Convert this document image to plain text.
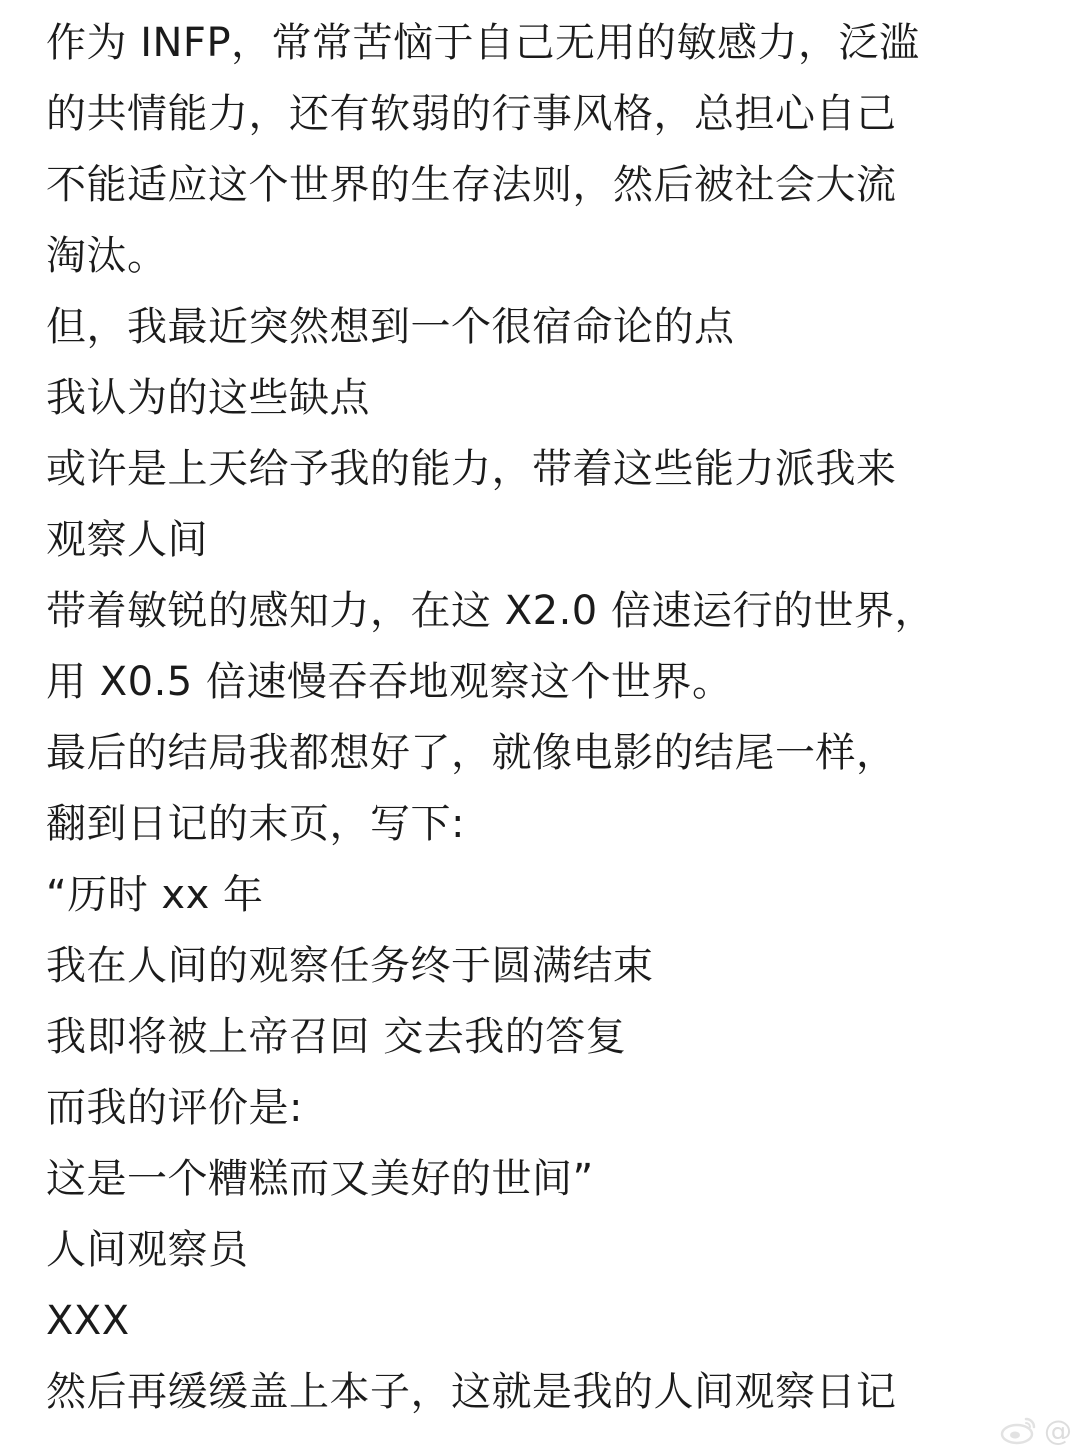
作为 INFP，常常苦恼于自己无用的敏感力，泛滥
的共情能力，还有软弱的行事风格，总担心自己
不能适应这个世界的生存法则，然后被社会大流
淘汰。
但，我最近突然想到一个很宿命论的点
我认为的这些缺点
或许是上天给予我的能力，带着这些能力派我来
观察人间
带着敏锐的感知力，在这 X2.0 倍速运行的世界，
用 X0.5 倍速慢吞吞地观察这个世界。
最后的结局我都想好了，就像电影的结尾一样，
翻到日记的末页，写下:
“历时 xx 年
我在人间的观察任务终于圆满结束
我即将被上帝召回 交去我的答复
而我的评价是:
这是一个糟糕而又美好的世间”
人间观察员
XXX
然后再缓缓盖上本子，这就是我的人间观察日记
@
